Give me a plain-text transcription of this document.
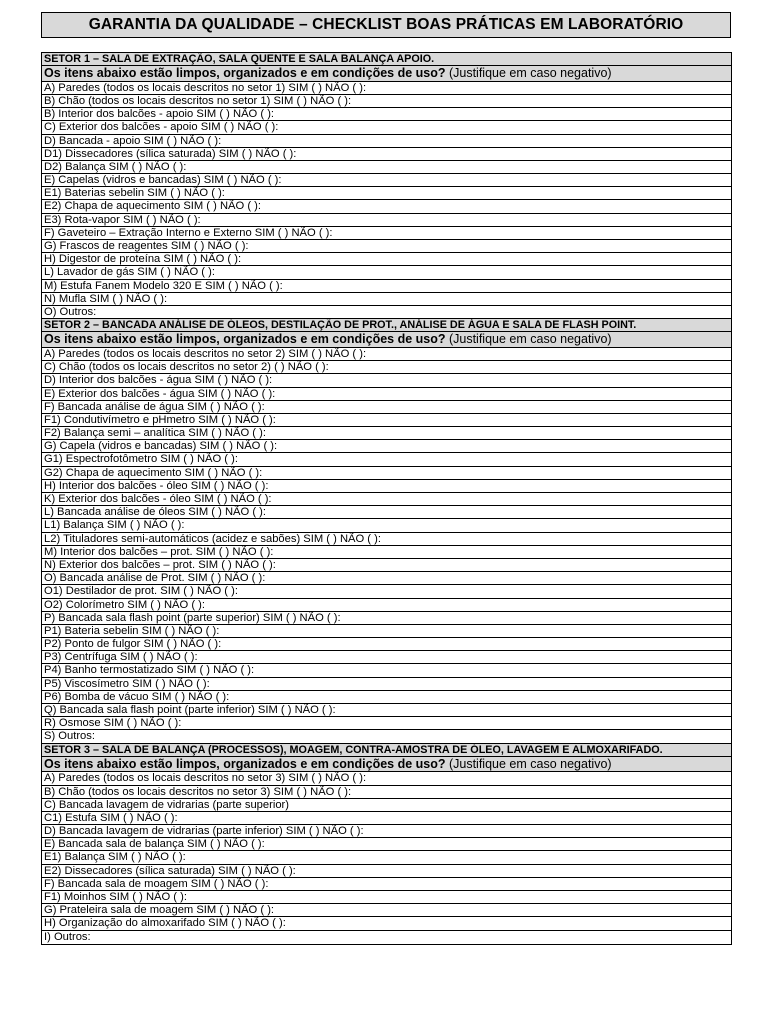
GARANTIA DA QUALIDADE – CHECKLIST BOAS PRÁTICAS EM LABORATÓRIO
SETOR 1 – SALA DE EXTRAÇÃO, SALA QUENTE E SALA BALANÇA APOIO.
Os itens abaixo estão limpos, organizados e em condições de uso? (Justifique em caso negativo)
A) Paredes (todos os locais descritos no setor 1) SIM ( ) NÃO ( ):
B) Chão (todos os locais descritos no setor 1) SIM ( ) NÃO ( ):
B) Interior dos balcões - apoio SIM ( ) NÃO ( ):
C) Exterior dos balcões - apoio SIM ( ) NÃO ( ):
D) Bancada - apoio SIM ( ) NÃO ( ):
D1) Dissecadores (sílica saturada) SIM ( ) NÃO ( ):
D2) Balança SIM ( ) NÃO ( ):
E) Capelas (vidros e bancadas) SIM ( ) NÃO ( ):
E1) Baterias sebelin SIM ( ) NÃO ( ):
E2) Chapa de aquecimento SIM ( ) NÃO ( ):
E3) Rota-vapor SIM ( ) NÃO ( ):
F) Gaveteiro – Extração Interno e Externo SIM ( ) NÃO ( ):
G) Frascos de reagentes SIM ( ) NÃO ( ):
H) Digestor de proteína SIM ( ) NÃO ( ):
L) Lavador de gás SIM ( ) NÃO ( ):
M) Estufa Fanem Modelo 320 E SIM ( ) NÃO ( ):
N) Mufla SIM ( ) NÃO ( ):
O) Outros:
SETOR 2 – BANCADA ANÁLISE DE ÓLEOS, DESTILAÇÃO DE PROT., ANÁLISE DE ÁGUA E SALA DE FLASH POINT.
Os itens abaixo estão limpos, organizados e em condições de uso? (Justifique em caso negativo)
A) Paredes (todos os locais descritos no setor 2) SIM ( ) NÃO ( ):
C) Chão (todos os locais descritos no setor 2) ( ) NÃO ( ):
D) Interior dos balcões - água SIM ( ) NÃO ( ):
E) Exterior dos balcões - água SIM ( ) NÃO ( ):
F) Bancada análise de água SIM ( ) NÃO ( ):
F1) Condutivímetro e pHmetro SIM ( ) NÃO ( ):
F2) Balança semi – analítica SIM ( ) NÃO ( ):
G) Capela (vidros e bancadas) SIM ( ) NÃO ( ):
G1) Espectrofotômetro SIM ( ) NÃO ( ):
G2) Chapa de aquecimento SIM ( ) NÃO ( ):
H) Interior dos balcões - óleo SIM ( ) NÃO ( ):
K) Exterior dos balcões - óleo SIM ( ) NÃO ( ):
L) Bancada análise de óleos SIM ( ) NÃO ( ):
L1) Balança SIM ( ) NÃO ( ):
L2) Tituladores semi-automáticos (acidez e sabões) SIM ( ) NÃO ( ):
M) Interior dos balcões – prot. SIM ( ) NÃO ( ):
N) Exterior dos balcões – prot. SIM ( ) NÃO ( ):
O) Bancada análise de Prot. SIM ( ) NÃO ( ):
O1) Destilador de prot. SIM ( ) NÃO ( ):
O2) Colorímetro SIM ( ) NÃO ( ):
P) Bancada sala flash point (parte superior) SIM ( ) NÃO ( ):
P1) Bateria sebelin SIM ( ) NÃO ( ):
P2) Ponto de fulgor SIM ( ) NÃO ( ):
P3) Centrífuga SIM ( ) NÃO ( ):
P4) Banho termostatizado SIM ( ) NÃO ( ):
P5) Viscosímetro SIM ( ) NÃO ( ):
P6) Bomba de vácuo SIM ( ) NÃO ( ):
Q) Bancada sala flash point (parte inferior) SIM ( ) NÃO ( ):
R) Osmose SIM ( ) NÃO ( ):
S) Outros:
SETOR 3 – SALA DE BALANÇA (PROCESSOS), MOAGEM, CONTRA-AMOSTRA DE ÓLEO, LAVAGEM E ALMOXARIFADO.
Os itens abaixo estão limpos, organizados e em condições de uso? (Justifique em caso negativo)
A) Paredes (todos os locais descritos no setor 3) SIM ( ) NÃO ( ):
B) Chão (todos os locais descritos no setor 3) SIM ( ) NÃO ( ):
C) Bancada lavagem de vidrarias (parte superior)
C1) Estufa SIM ( ) NÃO ( ):
D) Bancada lavagem de vidrarias (parte inferior) SIM ( ) NÃO ( ):
E) Bancada sala de balança SIM ( ) NÃO ( ):
E1) Balança SIM ( ) NÃO ( ):
E2) Dissecadores (sílica saturada) SIM ( ) NÃO ( ):
F) Bancada sala de moagem SIM ( ) NÃO ( ):
F1) Moinhos SIM ( ) NÃO ( ):
G) Prateleira sala de moagem SIM ( ) NÃO ( ):
H) Organização do almoxarifado SIM ( ) NÃO ( ):
I) Outros:
